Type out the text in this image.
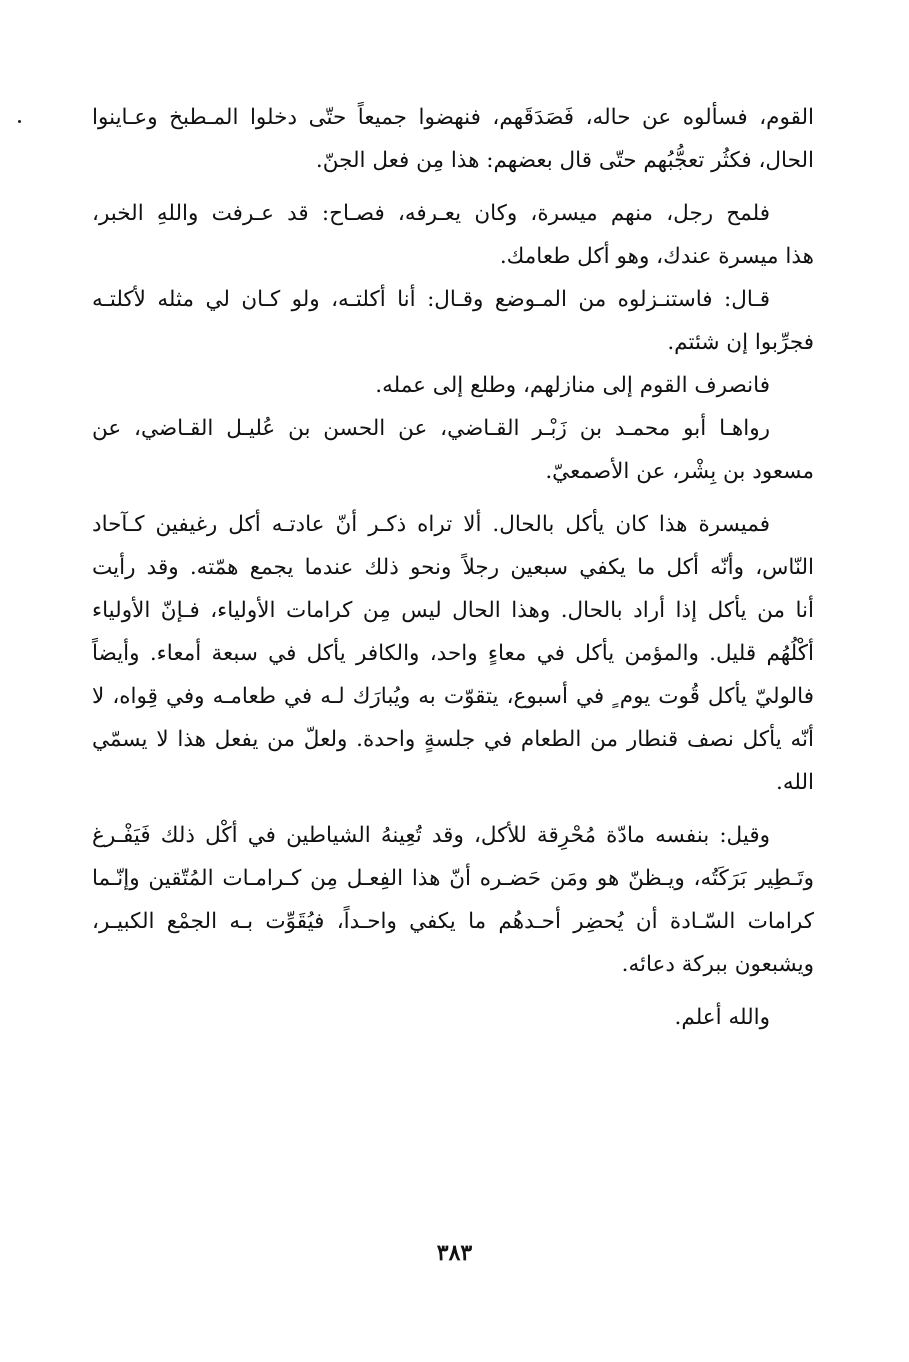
القوم، فسألوه عن حاله، فَصَدَقَهم، فنهضوا جميعاً حتّى دخلوا المـطبخ وعـاينوا
الحال، فكثُر تعجُّبُهم حتّى قال بعضهم: هذا مِن فعل الجنّ.
فلمح رجل، منهم ميسرة، وكان يعـرفه، فصـاح: قد عـرفت واللهِ الخبر،
هذا ميسرة عندك، وهو أكل طعامك.
قـال: فاستنـزلوه من المـوضع وقـال: أنا أكلتـه، ولو كـان لي مثله لأكلتـه
فجرِّبوا إن شئتم.
فانصرف القوم إلى منازلهم، وطلع إلى عمله.
رواهـا أبو محمـد بن زَبْـر القـاضي، عن الحسن بن عُليـل القـاضي، عن
مسعود بن بِشْر، عن الأصمعيّ.
فميسرة هذا كان يأكل بالحال. ألا تراه ذكـر أنّ عادتـه أكل رغيفين كـآحاد
النّاس، وأنّه أكل ما يكفي سبعين رجلاً ونحو ذلك عندما يجمع همّته. وقد رأيت
أنا من يأكل إذا أراد بالحال. وهذا الحال ليس مِن كرامات الأولياء، فـإنّ الأولياء
أكْلُهُم قليل. والمؤمن يأكل في معاءٍ واحد، والكافر يأكل في سبعة أمعاء. وأيضاً
فالوليّ يأكل قُوت يوم ٍ في أسبوع، يتقوّت به ويُبارَك لـه في طعامـه وفي قِواه، لا
أنّه يأكل نصف قنطار من الطعام في جلسةٍ واحدة. ولعلّ من يفعل هذا لا يسمّي
الله.
وقيل: بنفسه مادّة مُحْرِقة للأكل، وقد تُعِينهُ الشياطين في أكْل ذلك فَيَفْـرغ
وتَـطِير بَرَكَتُه، ويـظنّ هو ومَن حَضـره أنّ هذا الفِعـل مِن كـرامـات المُتّقين وإنّـما
كرامات السّـادة أن يُحضِر أحـدهُم ما يكفي واحـداً، فيُقَوِّت بـه الجمْع الكبيـر،
ويشبعون ببركة دعائه.
والله أعلم.
٣٨٣
